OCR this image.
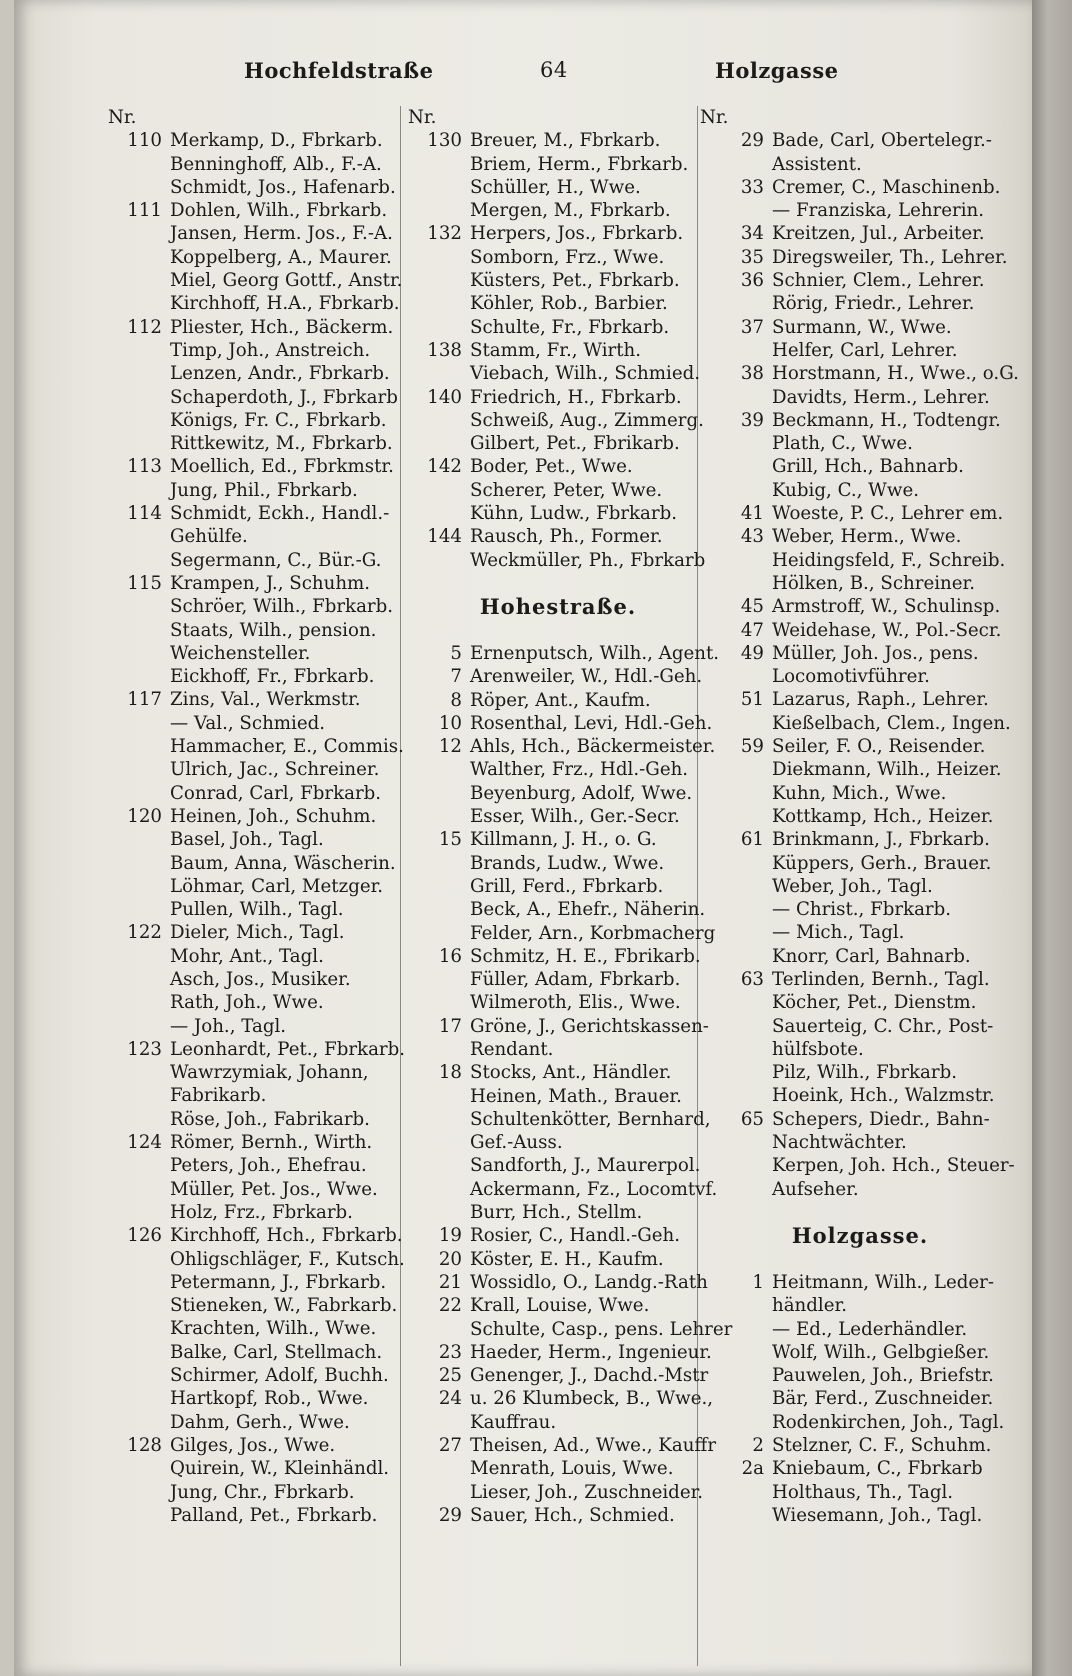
Hochfeldstraße	64	Holzgasse
Nr.
110 Merkamp, D., Fbrkarb.
Benninghoff, Alb., F.-A.
Schmidt, Jos., Hafenarb.
111 Dohlen, Wilh., Fbrkarb.
Jansen, Herm. Jos., F.-A.
Koppelberg, A., Maurer.
Miel, Georg Gottf., Anstr.
Kirchhoff, H.A., Fbrkarb.
112 Pliester, Hch., Bäckerm.
Timp, Joh., Anstreich.
Lenzen, Andr., Fbrkarb.
Schaperdoth, J., Fbrkarb
Königs, Fr. C., Fbrkarb.
Rittkewitz, M., Fbrkarb.
113 Moellich, Ed., Fbrkmstr.
Jung, Phil., Fbrkarb.
114 Schmidt, Eckh., Handl.-
Gehülfe.
Segermann, C., Bür.-G.
115 Krampen, J., Schuhm.
Schröer, Wilh., Fbrkarb.
Staats, Wilh., pension.
Weichensteller.
Eickhoff, Fr., Fbrkarb.
117 Zins, Val., Werkmstr.
— Val., Schmied.
Hammacher, E., Commis.
Ulrich, Jac., Schreiner.
Conrad, Carl, Fbrkarb.
120 Heinen, Joh., Schuhm.
Basel, Joh., Tagl.
Baum, Anna, Wäscherin.
Löhmar, Carl, Metzger.
Pullen, Wilh., Tagl.
122 Dieler, Mich., Tagl.
Mohr, Ant., Tagl.
Asch, Jos., Musiker.
Rath, Joh., Wwe.
— Joh., Tagl.
123 Leonhardt, Pet., Fbrkarb.
Wawrzymiak, Johann,
Fabrikarb.
Röse, Joh., Fabrikarb.
124 Römer, Bernh., Wirth.
Peters, Joh., Ehefrau.
Müller, Pet. Jos., Wwe.
Holz, Frz., Fbrkarb.
126 Kirchhoff, Hch., Fbrkarb.
Ohligschläger, F., Kutsch.
Petermann, J., Fbrkarb.
Stieneken, W., Fabrkarb.
Krachten, Wilh., Wwe.
Balke, Carl, Stellmach.
Schirmer, Adolf, Buchh.
Hartkopf, Rob., Wwe.
Dahm, Gerh., Wwe.
128 Gilges, Jos., Wwe.
Quirein, W., Kleinhändl.
Jung, Chr., Fbrkarb.
Palland, Pet., Fbrkarb.
Nr.
130 Breuer, M., Fbrkarb.
Briem, Herm., Fbrkarb.
Schüller, H., Wwe.
Mergen, M., Fbrkarb.
132 Herpers, Jos., Fbrkarb.
Somborn, Frz., Wwe.
Küsters, Pet., Fbrkarb.
Köhler, Rob., Barbier.
Schulte, Fr., Fbrkarb.
138 Stamm, Fr., Wirth.
Viebach, Wilh., Schmied.
140 Friedrich, H., Fbrkarb.
Schweiß, Aug., Zimmerg.
Gilbert, Pet., Fbrikarb.
142 Boder, Pet., Wwe.
Scherer, Peter, Wwe.
Kühn, Ludw., Fbrkarb.
144 Rausch, Ph., Former.
Weckmüller, Ph., Fbrkarb
Hohestraße.
5 Ernenputsch, Wilh., Agent.
7 Arenweiler, W., Hdl.-Geh.
8 Röper, Ant., Kaufm.
10 Rosenthal, Levi, Hdl.-Geh.
12 Ahls, Hch., Bäckermeister.
Walther, Frz., Hdl.-Geh.
Beyenburg, Adolf, Wwe.
Esser, Wilh., Ger.-Secr.
15 Killmann, J. H., o. G.
Brands, Ludw., Wwe.
Grill, Ferd., Fbrkarb.
Beck, A., Ehefr., Näherin.
Felder, Arn., Korbmacherg
16 Schmitz, H. E., Fbrikarb.
Füller, Adam, Fbrkarb.
Wilmeroth, Elis., Wwe.
17 Gröne, J., Gerichtskassen-
Rendant.
18 Stocks, Ant., Händler.
Heinen, Math., Brauer.
Schultenkötter, Bernhard,
Gef.-Auss.
Sandforth, J., Maurerpol.
Ackermann, Fz., Locomtvf.
Burr, Hch., Stellm.
19 Rosier, C., Handl.-Geh.
20 Köster, E. H., Kaufm.
21 Wossidlo, O., Landg.-Rath
22 Krall, Louise, Wwe.
Schulte, Casp., pens. Lehrer
23 Haeder, Herm., Ingenieur.
25 Genenger, J., Dachd.-Mstr
24 u. 26 Klumbeck, B., Wwe.,
Kauffrau.
27 Theisen, Ad., Wwe., Kauffr
Menrath, Louis, Wwe.
Lieser, Joh., Zuschneider.
29 Sauer, Hch., Schmied.
Nr.
29 Bade, Carl, Obertelegr.-
Assistent.
33 Cremer, C., Maschinenb.
— Franziska, Lehrerin.
34 Kreitzen, Jul., Arbeiter.
35 Diregsweiler, Th., Lehrer.
36 Schnier, Clem., Lehrer.
Rörig, Friedr., Lehrer.
37 Surmann, W., Wwe.
Helfer, Carl, Lehrer.
38 Horstmann, H., Wwe., o.G.
Davidts, Herm., Lehrer.
39 Beckmann, H., Todtengr.
Plath, C., Wwe.
Grill, Hch., Bahnarb.
Kubig, C., Wwe.
41 Woeste, P. C., Lehrer em.
43 Weber, Herm., Wwe.
Heidingsfeld, F., Schreib.
Hölken, B., Schreiner.
45 Armstroff, W., Schulinsp.
47 Weidehase, W., Pol.-Secr.
49 Müller, Joh. Jos., pens.
Locomotivführer.
51 Lazarus, Raph., Lehrer.
Kießelbach, Clem., Ingen.
59 Seiler, F. O., Reisender.
Diekmann, Wilh., Heizer.
Kuhn, Mich., Wwe.
Kottkamp, Hch., Heizer.
61 Brinkmann, J., Fbrkarb.
Küppers, Gerh., Brauer.
Weber, Joh., Tagl.
— Christ., Fbrkarb.
— Mich., Tagl.
Knorr, Carl, Bahnarb.
63 Terlinden, Bernh., Tagl.
Köcher, Pet., Dienstm.
Sauerteig, C. Chr., Post-
hülfsbote.
Pilz, Wilh., Fbrkarb.
Hoeink, Hch., Walzmstr.
65 Schepers, Diedr., Bahn-
Nachtwächter.
Kerpen, Joh. Hch., Steuer-
Aufseher.
Holzgasse.
1 Heitmann, Wilh., Leder-
händler.
— Ed., Lederhändler.
Wolf, Wilh., Gelbgießer.
Pauwelen, Joh., Briefstr.
Bär, Ferd., Zuschneider.
Rodenkirchen, Joh., Tagl.
2 Stelzner, C. F., Schuhm.
2a Kniebaum, C., Fbrkarb
Holthaus, Th., Tagl.
Wiesemann, Joh., Tagl.
